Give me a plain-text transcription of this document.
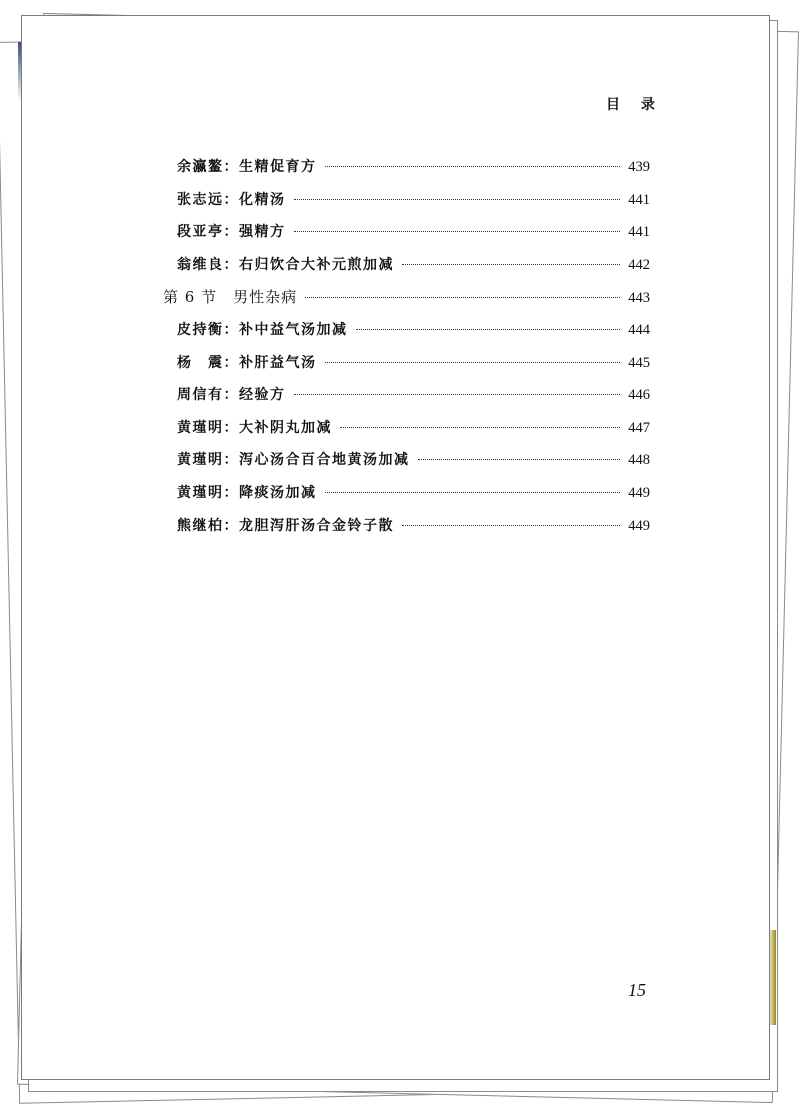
目 录
余瀛鳌：生精促育方	439
张志远：化精汤	441
段亚亭：强精方	441
翁维良：右归饮合大补元煎加减	442
第 6 节　男性杂病	443
皮持衡：补中益气汤加减	444
杨　震：补肝益气汤	445
周信有：经验方	446
黄瑾明：大补阴丸加减	447
黄瑾明：泻心汤合百合地黄汤加减	448
黄瑾明：降痰汤加减	449
熊继柏：龙胆泻肝汤合金铃子散	449
15
